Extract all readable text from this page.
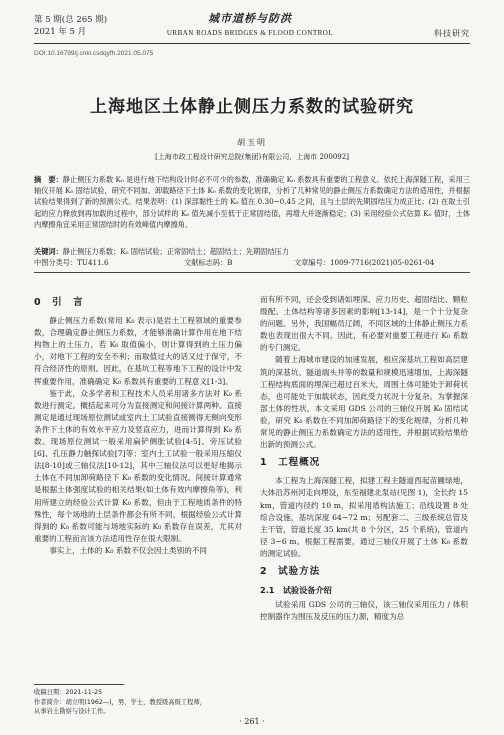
第 5 期(总 265 期)
2021 年 5 月
城市道桥与防洪
URBAN ROADS BRIDGES & FLOOD CONTROL	科技研究
DOI:10.16799/j.cnki.csdqyfh.2021.05.075
上海地区土体静止侧压力系数的试验研究
胡玉明
[上海市政工程设计研究总院(集团)有限公司，上海市 200092]
摘　要：静止侧压力系数 K₀ 是进行地下结构设计时必不可少的参数，准确确定 K₀ 系数具有重要的工程意义。依托上海深隧工程，采用三轴仪开展 K₀ 固结试验，研究不同加、卸载路径下土体 K₀ 系数的变化规律，分析了几种常见的静止侧压力系数确定方法的适用性，并根据试验结果得到了新的预测公式。结果表明：(1) 深部黏性土的 K₀ 值在 0.30~0.45 之间，且与土层的先期固结压力成正比；(2) 在取土引起的应力释放到再加载的过程中，部分试样的 K₀ 值先减小至低于正常固结值，再增大并逐渐稳定；(3) 采用经验公式估算 K₀ 值时，土体内摩擦角宜采用正常固结时的有效峰值内摩擦角。
关键词：静止侧压力系数；K₀ 固结试验；正常固结土；超固结土；先期固结压力
中图分类号：TU411.6	文献标志码：B	文章编号：1009-7716(2021)05-0261-04
0　引　言

静止侧压力系数(常用 K₀ 表示)是岩土工程领域的重要参数，合理确定静止侧压力系数，才能够准确计算作用在地下结构物上的土压力，若 K₀ 取值偏小，则计算得到的土压力偏小，对地下工程的安全不利；而取值过大的话又过于保守，不符合经济性的原则。因此，在基坑工程等地下工程的设计中发挥重要作用，准确确定 K₀ 系数具有重要的工程意义[1-3]。

鉴于此，众多学者和工程技术人员采用诸多方法对 K₀ 系数进行测定。概括起来可分为直接测定和间接计算两种。直接测定是通过现场原位测试或室内土工试验直接测得无侧向变形条件下土体的有效水平应力及竖直应力，进而计算得到 K₀ 系数。现场原位测试一般采用扁铲侧胀试验[4-5]、旁压试验[6]、孔压静力触探试验[7]等；室内土工试验一般采用压缩仪法[8-10]或三轴仪法[10-12]，其中三轴仪法可以更好地揭示土体在不同加卸荷路径下 K₀ 系数的变化情况。间接计算通常是根据土体强度试验的相关结果(如土体有效内摩擦角等)，利用所建立的经验公式计算 K₀ 系数，但由于工程地质条件的特殊性，每个场地的土层条件都会有所不同，根据经验公式计算得到的 K₀ 系数可能与场地实际的 K₀ 系数存在误差，尤其对重要的工程而言该方法适用性存在很大限制。

事实上，土体的 K₀ 系数不仅会因土类别的不同

而有所不同，还会受到诸如埋深、应力历史、超固结比、颗粒级配、土体结构等诸多因素的影响[13-14]，是一个十分复杂的问题。另外，我国幅员辽阔，不同区域的土体静止侧压力系数也表现出很大不同。因此，有必要对重要工程进行 K₀ 系数的专门测定。

随着上海城市建设的加速发展，相应深基坑工程如高层建筑的深基坑、隧道端头井等的数量和规模迅速增加，上海深隧工程结构底面的埋深已超过百米大，周围土体可能处于卸荷状态，也可能处于加载状态，因此受力状况十分复杂。为掌握深部土体的性状，本文采用 GDS 公司的三轴仪开展 K₀ 固结试验，研究 K₀ 系数在不同加卸荷路径下的变化规律，分析几种常见的静止侧压力系数确定方法的适用性，并根据试验结果给出新的预测公式。

1　工程概况

本工程为上海深隧工程，拟建工程主隧道西起苗圃绿地，大体沿苏州河走向埋设，东至福建北泵站(见图 1)，全长约 15 km，管道内径约 10 m，拟采用盾构法施工；沿线设置 8 处综合设施，基坑深度 64~72 m；另配套二、三级系统总管及主干管，管道长度 35 km(共 8 个分区，25 个系统)，管道内径 3~6 m。根据工程需要，通过三轴仪开展了土体 K₀ 系数的测定试验。

2　试验方法
2.1　试验设备介绍

试验采用 GDS 公司的三轴仪，该三轴仪采用压力 / 体积控制器作为围压及反压的压力源，精度为总

收稿日期：2021-11-25
作者简介：胡立明(1962—)，男，学士，教授级高级工程师，
从事岩土勘察与设计工作。
· 261 ·
